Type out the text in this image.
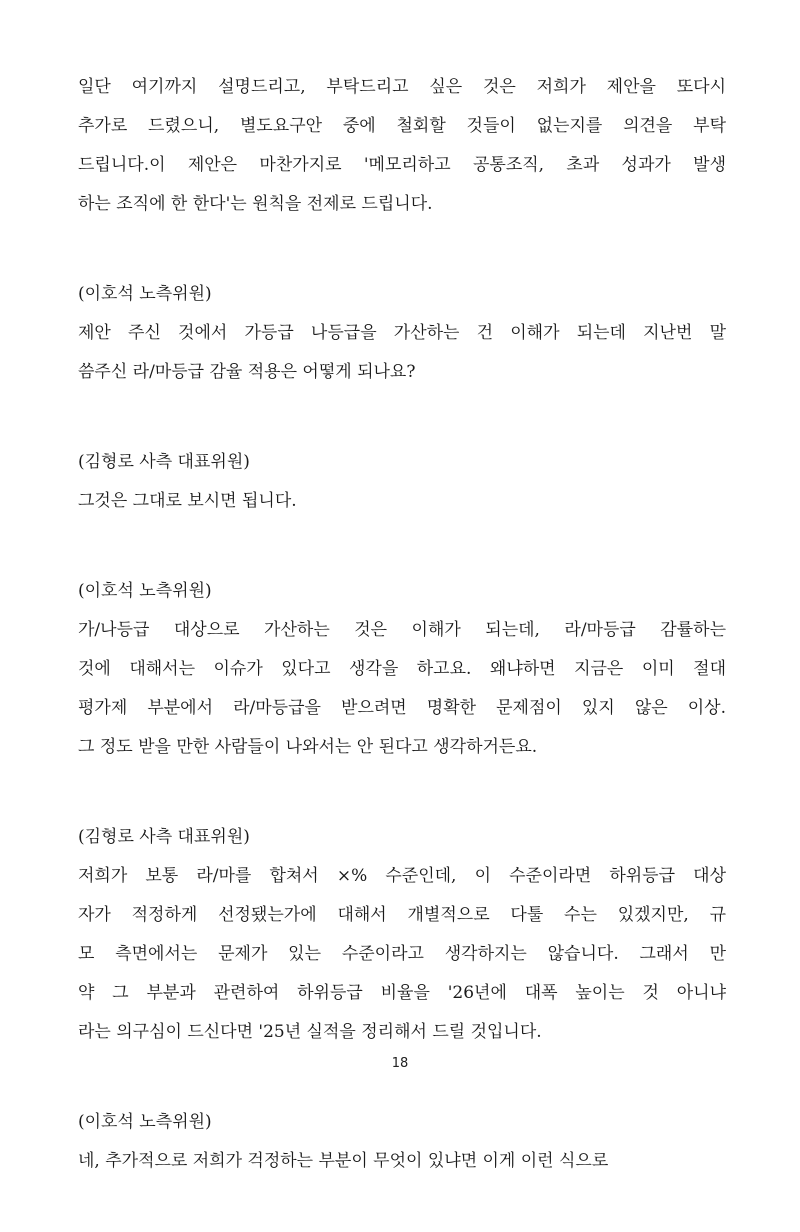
일단 여기까지 설명드리고, 부탁드리고 싶은 것은 저희가 제안을 또다시
추가로 드렸으니, 별도요구안 중에 철회할 것들이 없는지를 의견을 부탁
드립니다.이 제안은 마찬가지로 '메모리하고 공통조직, 초과 성과가 발생
하는 조직에 한 한다'는 원칙을 전제로 드립니다.
(이호석 노측위원)
제안 주신 것에서 가등급 나등급을 가산하는 건 이해가 되는데 지난번 말
씀주신 라/마등급 감율 적용은 어떻게 되나요?
(김형로 사측 대표위원)
그것은 그대로 보시면 됩니다.
(이호석 노측위원)
가/나등급 대상으로 가산하는 것은 이해가 되는데, 라/마등급 감률하는
것에 대해서는 이슈가 있다고 생각을 하고요. 왜냐하면 지금은 이미 절대
평가제 부분에서 라/마등급을 받으려면 명확한 문제점이 있지 않은 이상.
그 정도 받을 만한 사람들이 나와서는 안 된다고 생각하거든요.
(김형로 사측 대표위원)
저희가 보통 라/마를 합쳐서 ×% 수준인데, 이 수준이라면 하위등급 대상
자가 적정하게 선정됐는가에 대해서 개별적으로 다툴 수는 있겠지만, 규
모 측면에서는 문제가 있는 수준이라고 생각하지는 않습니다. 그래서 만
약 그 부분과 관련하여 하위등급 비율을 '26년에 대폭 높이는 것 아니냐
라는 의구심이 드신다면 '25년 실적을 정리해서 드릴 것입니다.
(이호석 노측위원)
네, 추가적으로 저희가 걱정하는 부분이 무엇이 있냐면 이게 이런 식으로
18
